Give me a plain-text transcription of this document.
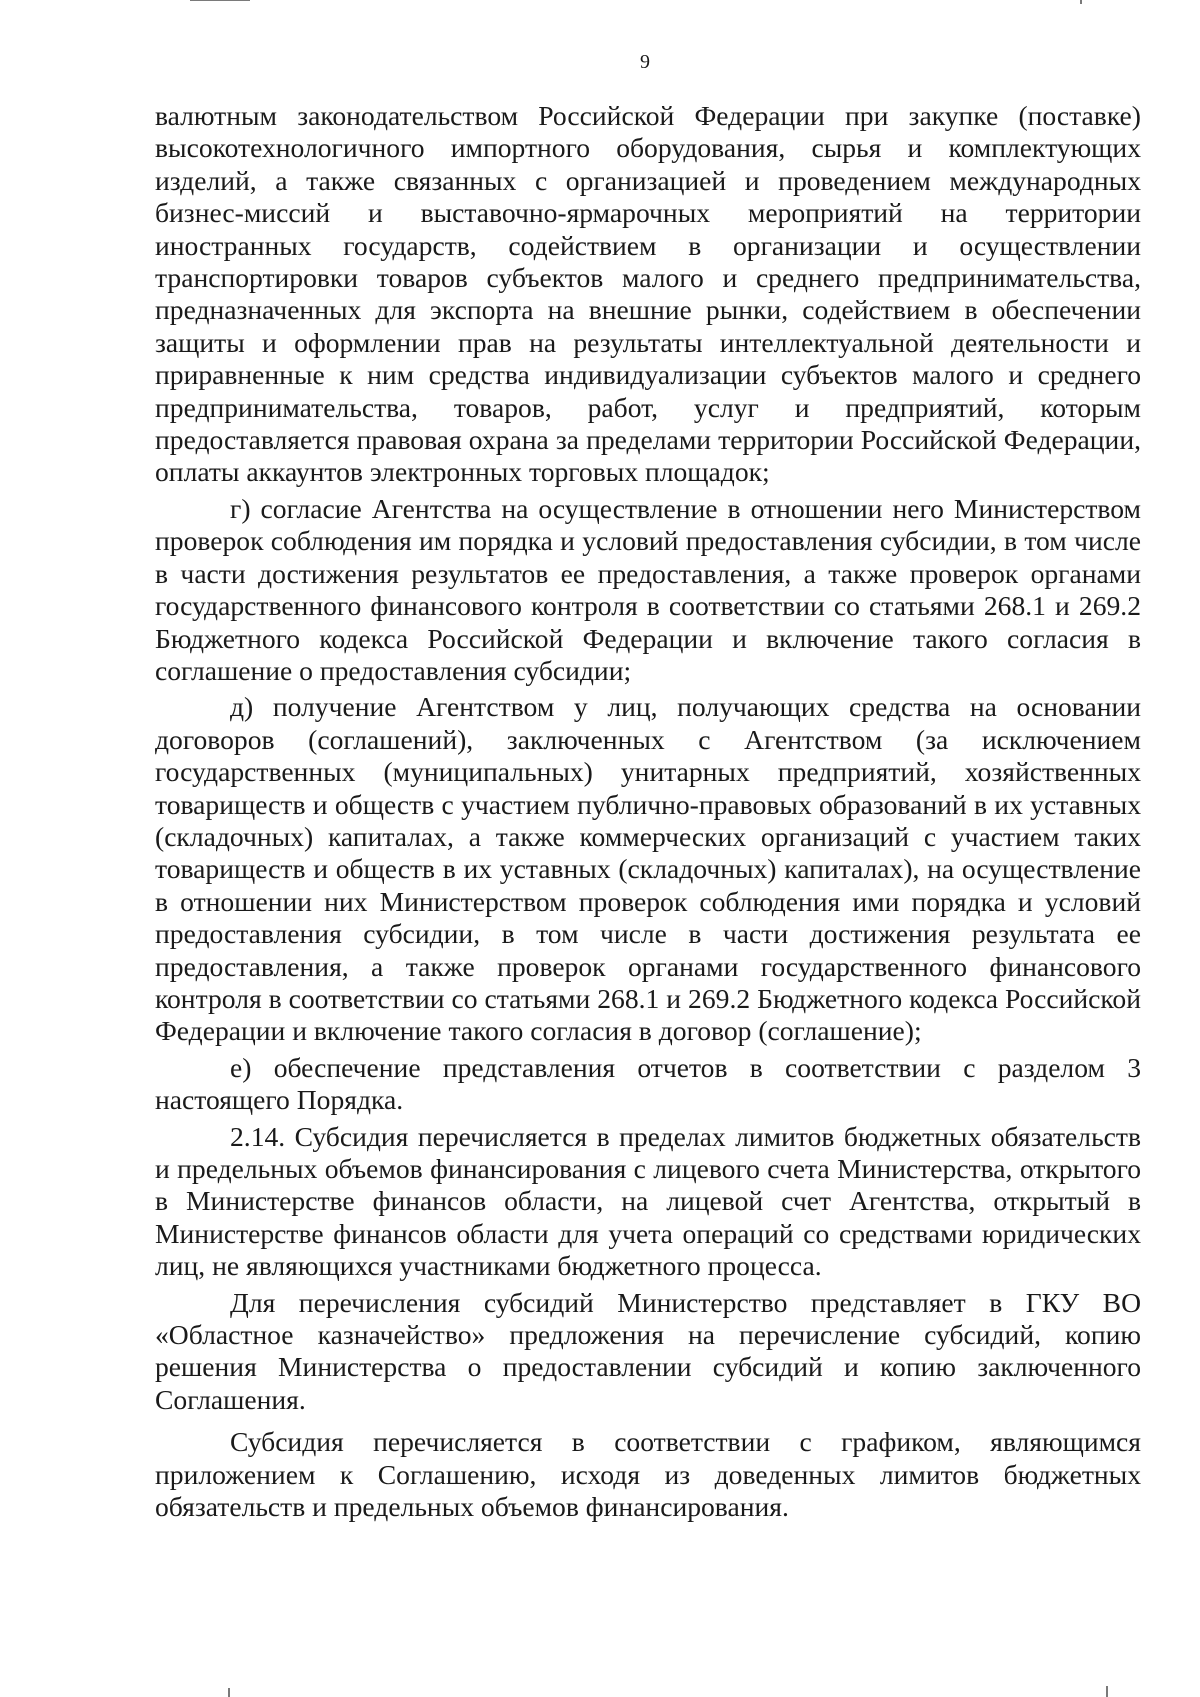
9

валютным законодательством Российской Федерации при закупке (поставке) высокотехнологичного импортного оборудования, сырья и комплектующих изделий, а также связанных с организацией и проведением международных бизнес-миссий и выставочно-ярмарочных мероприятий на территории иностранных государств, содействием в организации и осуществлении транспортировки товаров субъектов малого и среднего предпринимательства, предназначенных для экспорта на внешние рынки, содействием в обеспечении защиты и оформлении прав на результаты интеллектуальной деятельности и приравненные к ним средства индивидуализации субъектов малого и среднего предпринимательства, товаров, работ, услуг и предприятий, которым предоставляется правовая охрана за пределами территории Российской Федерации, оплаты аккаунтов электронных торговых площадок;

г) согласие Агентства на осуществление в отношении него Министерством проверок соблюдения им порядка и условий предоставления субсидии, в том числе в части достижения результатов ее предоставления, а также проверок органами государственного финансового контроля в соответствии со статьями 268.1 и 269.2 Бюджетного кодекса Российской Федерации и включение такого согласия в соглашение о предоставления субсидии;

д) получение Агентством у лиц, получающих средства на основании договоров (соглашений), заключенных с Агентством (за исключением государственных (муниципальных) унитарных предприятий, хозяйственных товариществ и обществ с участием публично-правовых образований в их уставных (складочных) капиталах, а также коммерческих организаций с участием таких товариществ и обществ в их уставных (складочных) капиталах), на осуществление в отношении них Министерством проверок соблюдения ими порядка и условий предоставления субсидии, в том числе в части достижения результата ее предоставления, а также проверок органами государственного финансового контроля в соответствии со статьями 268.1 и 269.2 Бюджетного кодекса Российской Федерации и включение такого согласия в договор (соглашение);

е) обеспечение представления отчетов в соответствии с разделом 3 настоящего Порядка.

2.14. Субсидия перечисляется в пределах лимитов бюджетных обязательств и предельных объемов финансирования с лицевого счета Министерства, открытого в Министерстве финансов области, на лицевой счет Агентства, открытый в Министерстве финансов области для учета операций со средствами юридических лиц, не являющихся участниками бюджетного процесса.

Для перечисления субсидий Министерство представляет в ГКУ ВО «Областное казначейство» предложения на перечисление субсидий, копию решения Министерства о предоставлении субсидий и копию заключенного Соглашения.

Субсидия перечисляется в соответствии с графиком, являющимся приложением к Соглашению, исходя из доведенных лимитов бюджетных обязательств и предельных объемов финансирования.
